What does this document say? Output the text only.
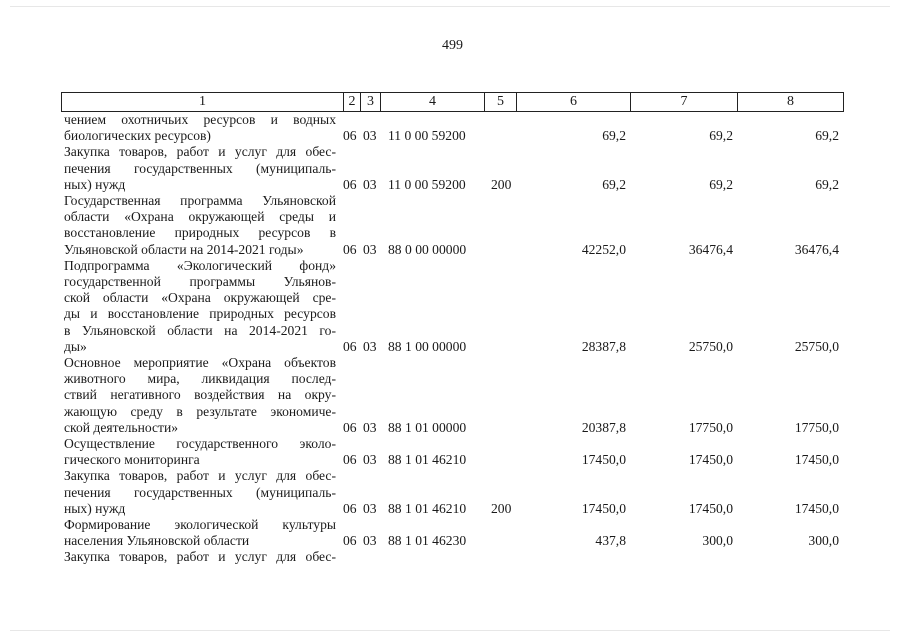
499
1	2 3	4	5	6	7	8
чением охотничьих ресурсов и водных
биологических ресурсов)	06 03 11 0 00 59200	69,2	69,2	69,2
Закупка товаров, работ и услуг для обес-
печения государственных (муниципаль-
ных) нужд	06 03 11 0 00 59200 200	69,2	69,2	69,2
Государственная программа Ульяновской
области «Охрана окружающей среды и
восстановление природных ресурсов в
Ульяновской области на 2014-2021 годы»	06 03 88 0 00 00000	42252,0	36476,4	36476,4
Подпрограмма «Экологический фонд»
государственной программы Ульянов-
ской области «Охрана окружающей сре-
ды и восстановление природных ресурсов
в Ульяновской области на 2014-2021 го-
ды»	06 03 88 1 00 00000	28387,8	25750,0	25750,0
Основное мероприятие «Охрана объектов
животного мира, ликвидация послед-
ствий негативного воздействия на окру-
жающую среду в результате экономиче-
ской деятельности»	06 03 88 1 01 00000	20387,8	17750,0	17750,0
Осуществление государственного эколо-
гического мониторинга	06 03 88 1 01 46210	17450,0	17450,0	17450,0
Закупка товаров, работ и услуг для обес-
печения государственных (муниципаль-
ных) нужд	06 03 88 1 01 46210 200	17450,0	17450,0	17450,0
Формирование экологической культуры
населения Ульяновской области	06 03 88 1 01 46230	437,8	300,0	300,0
Закупка товаров, работ и услуг для обес-
